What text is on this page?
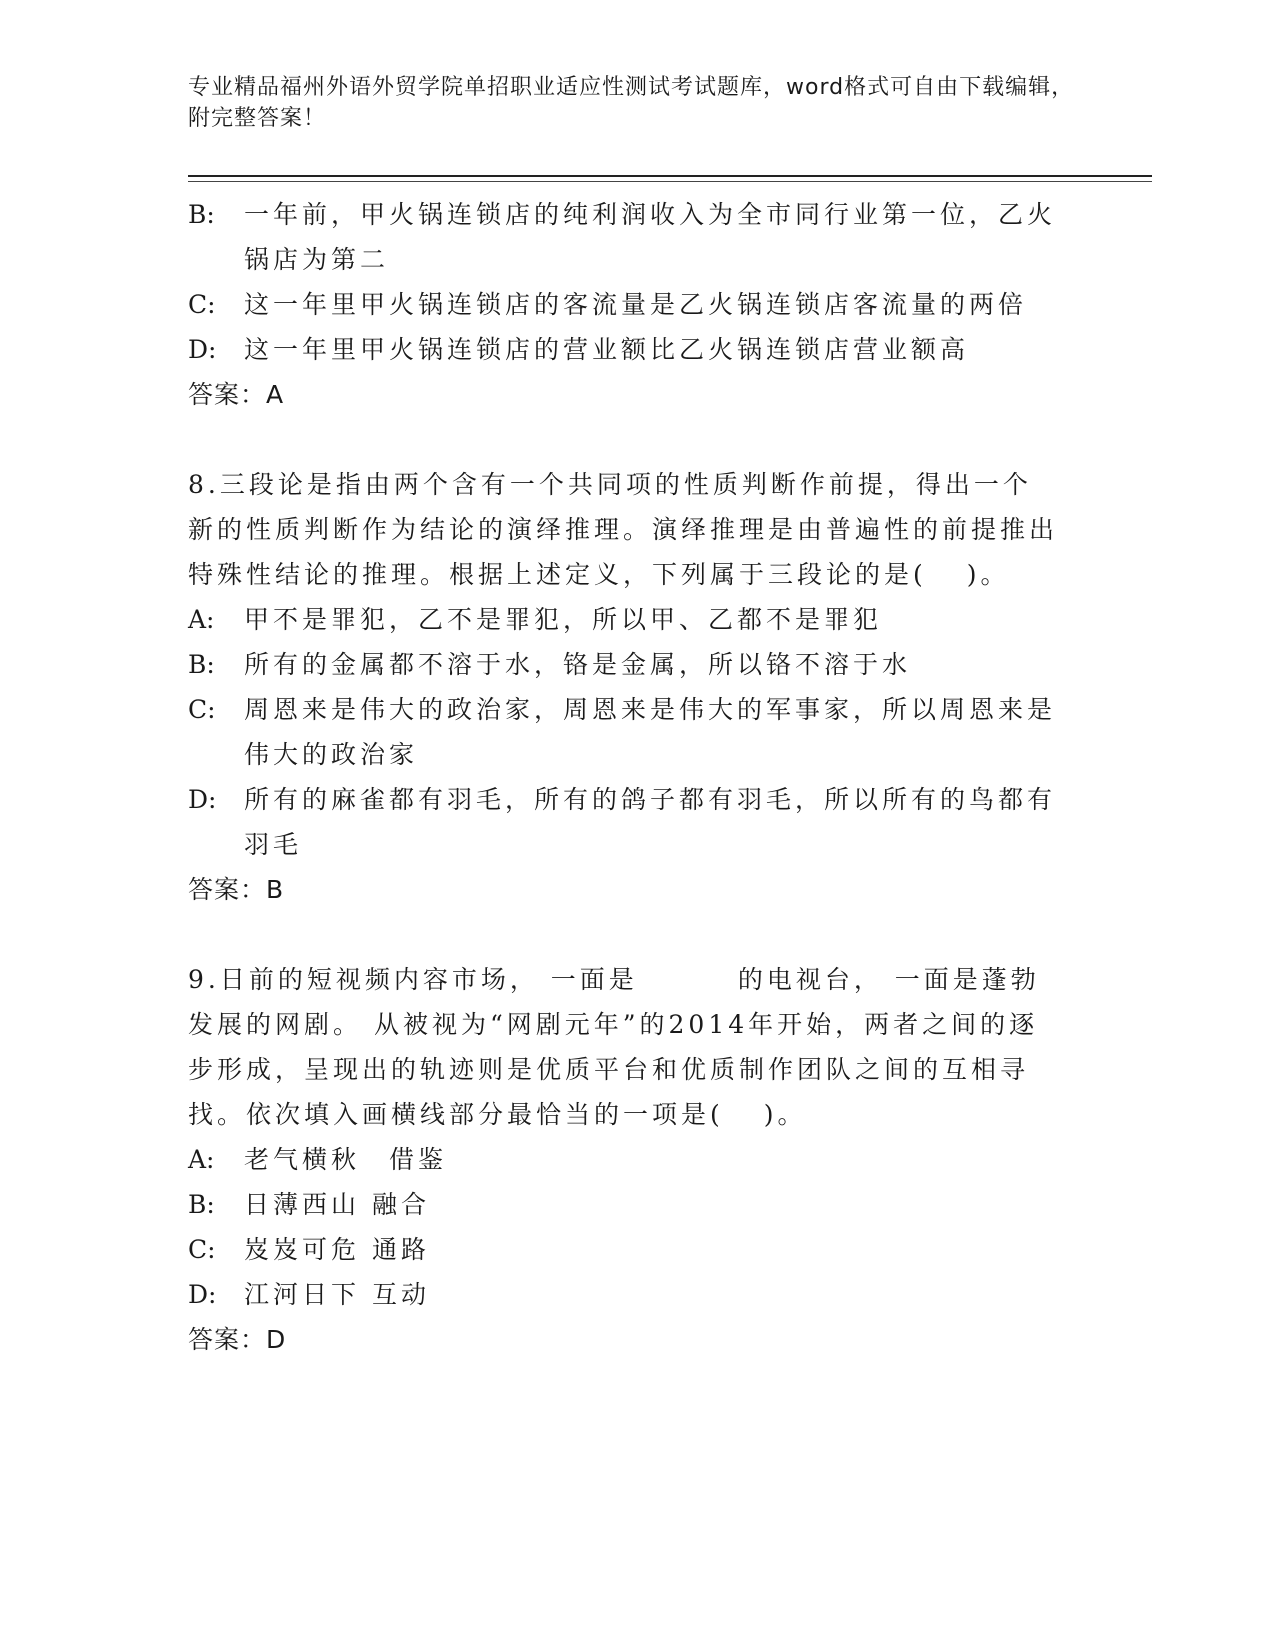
专业精品福州外语外贸学院单招职业适应性测试考试题库，word格式可自由下载编辑，附完整答案！
B:	一年前，甲火锅连锁店的纯利润收入为全市同行业第一位，乙火锅店为第二
C:	这一年里甲火锅连锁店的客流量是乙火锅连锁店客流量的两倍
D:	这一年里甲火锅连锁店的营业额比乙火锅连锁店营业额高
答案：A
8.三段论是指由两个含有一个共同项的性质判断作前提，得出一个新的性质判断作为结论的演绎推理。演绎推理是由普遍性的前提推出特殊性结论的推理。根据上述定义，下列属于三段论的是( )。
A:	甲不是罪犯，乙不是罪犯，所以甲、乙都不是罪犯
B:	所有的金属都不溶于水，铬是金属，所以铬不溶于水
C:	周恩来是伟大的政治家，周恩来是伟大的军事家，所以周恩来是伟大的政治家
D:	所有的麻雀都有羽毛，所有的鸽子都有羽毛，所以所有的鸟都有羽毛
答案：B
9.日前的短视频内容市场， 一面是	的电视台， 一面是蓬勃发展的网剧。 从被视为“网剧元年”的2014年开始，两者之间的逐步形成，呈现出的轨迹则是优质平台和优质制作团队之间的互相寻找。依次填入画横线部分最恰当的一项是( )。
A:	老气横秋　借鉴
B:	日薄西山 融合
C:	岌岌可危 通路
D:	江河日下 互动
答案：D
